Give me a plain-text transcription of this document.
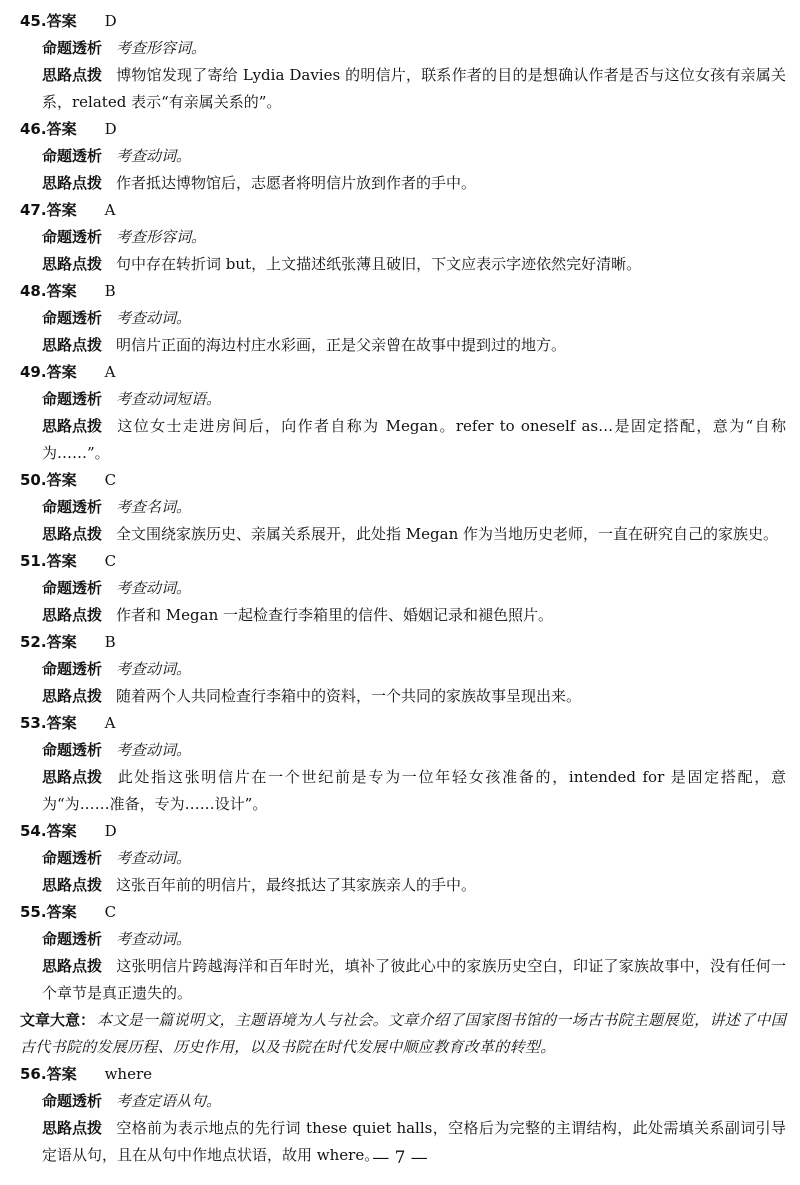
45.答案 D
命题透析 考查形容词。
思路点拨 博物馆发现了寄给 Lydia Davies 的明信片，联系作者的目的是想确认作者是否与这位女孩有亲属关系，related 表示“有亲属关系的”。
46.答案 D
命题透析 考查动词。
思路点拨 作者抵达博物馆后，志愿者将明信片放到作者的手中。
47.答案 A
命题透析 考查形容词。
思路点拨 句中存在转折词 but，上文描述纸张薄且破旧，下文应表示字迹依然完好清晰。
48.答案 B
命题透析 考查动词。
思路点拨 明信片正面的海边村庄水彩画，正是父亲曾在故事中提到过的地方。
49.答案 A
命题透析 考查动词短语。
思路点拨 这位女士走进房间后，向作者自称为 Megan。refer to oneself as…是固定搭配，意为“自称为……”。
50.答案 C
命题透析 考查名词。
思路点拨 全文围绕家族历史、亲属关系展开，此处指 Megan 作为当地历史老师，一直在研究自己的家族史。
51.答案 C
命题透析 考查动词。
思路点拨 作者和 Megan 一起检查行李箱里的信件、婚姻记录和褪色照片。
52.答案 B
命题透析 考查动词。
思路点拨 随着两个人共同检查行李箱中的资料，一个共同的家族故事呈现出来。
53.答案 A
命题透析 考查动词。
思路点拨 此处指这张明信片在一个世纪前是专为一位年轻女孩准备的，intended for 是固定搭配，意为“为……准备，专为……设计”。
54.答案 D
命题透析 考查动词。
思路点拨 这张百年前的明信片，最终抵达了其家族亲人的手中。
55.答案 C
命题透析 考查动词。
思路点拨 这张明信片跨越海洋和百年时光，填补了彼此心中的家族历史空白，印证了家族故事中，没有任何一个章节是真正遗失的。
文章大意： 本文是一篇说明文，主题语境为人与社会。文章介绍了国家图书馆的一场古书院主题展览，讲述了中国古代书院的发展历程、历史作用，以及书院在时代发展中顺应教育改革的转型。
56.答案 where
命题透析 考查定语从句。
思路点拨 空格前为表示地点的先行词 these quiet halls，空格后为完整的主谓结构，此处需填关系副词引导定语从句，且在从句中作地点状语，故用 where。
— 7 —
